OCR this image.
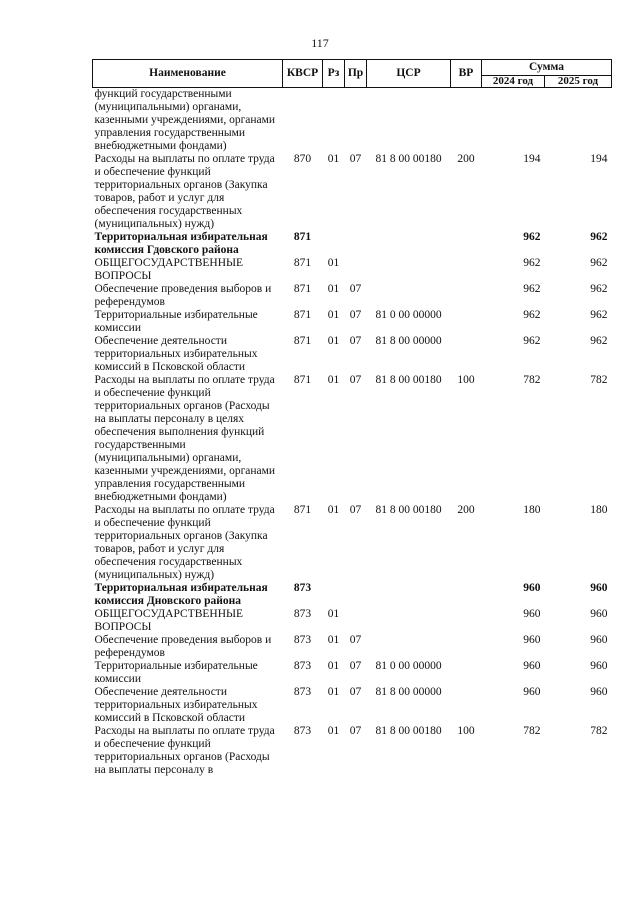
117
Наименование	КВСР	Рз	Пр	ЦСР	ВР	Сумма	
						2024 год	2025 год
функций государственными (муниципальными) органами, казенными учреждениями, органами управления государственными внебюджетными фондами)							
Расходы на выплаты по оплате труда и обеспечение функций территориальных органов (Закупка товаров, работ и услуг для обеспечения государственных (муниципальных) нужд)	870	01	07	81 8 00 00180	200	194	194
Территориальная избирательная комиссия Гдовского района	871					962	962
ОБЩЕГОСУДАРСТВЕННЫЕ ВОПРОСЫ	871	01				962	962
Обеспечение проведения выборов и референдумов	871	01	07			962	962
Территориальные избирательные комиссии	871	01	07	81 0 00 00000		962	962
Обеспечение деятельности территориальных избирательных комиссий в Псковской области	871	01	07	81 8 00 00000		962	962
Расходы на выплаты по оплате труда и обеспечение функций территориальных органов (Расходы на выплаты персоналу в целях обеспечения выполнения функций государственными (муниципальными) органами, казенными учреждениями, органами управления государственными внебюджетными фондами)	871	01	07	81 8 00 00180	100	782	782
Расходы на выплаты по оплате труда и обеспечение функций территориальных органов (Закупка товаров, работ и услуг для обеспечения государственных (муниципальных) нужд)	871	01	07	81 8 00 00180	200	180	180
Территориальная избирательная комиссия Дновского района	873					960	960
ОБЩЕГОСУДАРСТВЕННЫЕ ВОПРОСЫ	873	01				960	960
Обеспечение проведения выборов и референдумов	873	01	07			960	960
Территориальные избирательные комиссии	873	01	07	81 0 00 00000		960	960
Обеспечение деятельности территориальных избирательных комиссий в Псковской области	873	01	07	81 8 00 00000		960	960
Расходы на выплаты по оплате труда и обеспечение функций территориальных органов (Расходы на выплаты персоналу в	873	01	07	81 8 00 00180	100	782	782
